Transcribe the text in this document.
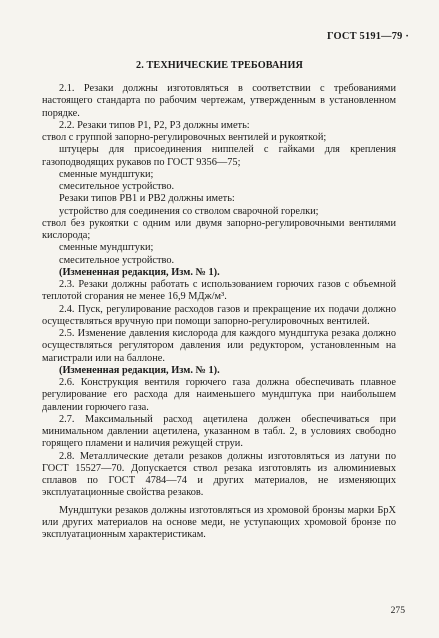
ГОСТ 5191—79 ·
2. ТЕХНИЧЕСКИЕ ТРЕБОВАНИЯ

2.1. Резаки должны изготовляться в соответствии с требованиями настоящего стандарта по рабочим чертежам, утвержденным в установленном порядке.

2.2. Резаки типов Р1, Р2, Р3 должны иметь:

ствол с группой запорно-регулировочных вентилей и рукояткой;

штуцеры для присоединения ниппелей с гайками для крепления газоподводящих рукавов по ГОСТ 9356—75;

сменные мундштуки;

смесительное устройство.

Резаки типов РВ1 и РВ2 должны иметь:

устройство для соединения со стволом сварочной горелки;

ствол без рукоятки с одним или двумя запорно-регулировочными вентилями кислорода;

сменные мундштуки;

смесительное устройство.

(Измененная редакция, Изм. № 1).

2.3. Резаки должны работать с использованием горючих газов с объемной теплотой сгорания не менее 16,9 МДж/м³.

2.4. Пуск, регулирование расходов газов и прекращение их подачи должно осуществляться вручную при помощи запорно-регулировочных вентилей.

2.5. Изменение давления кислорода для каждого мундштука резака должно осуществляться регулятором давления или редуктором, установленным на магистрали или на баллоне.

(Измененная редакция, Изм. № 1).

2.6. Конструкция вентиля горючего газа должна обеспечивать плавное регулирование его расхода для наименьшего мундштука при наибольшем давлении горючего газа.

2.7. Максимальный расход ацетилена должен обеспечиваться при минимальном давлении ацетилена, указанном в табл. 2, в условиях свободно горящего пламени и наличия режущей струи.

2.8. Металлические детали резаков должны изготовляться из латуни по ГОСТ 15527—70. Допускается ствол резака изготовлять из алюминиевых сплавов по ГОСТ 4784—74 и других материалов, не изменяющих эксплуатационные свойства резаков.

Мундштуки резаков должны изготовляться из хромовой бронзы марки БрХ или других материалов на основе меди, не уступающих хромовой бронзе по эксплуатационным характеристикам.

275
